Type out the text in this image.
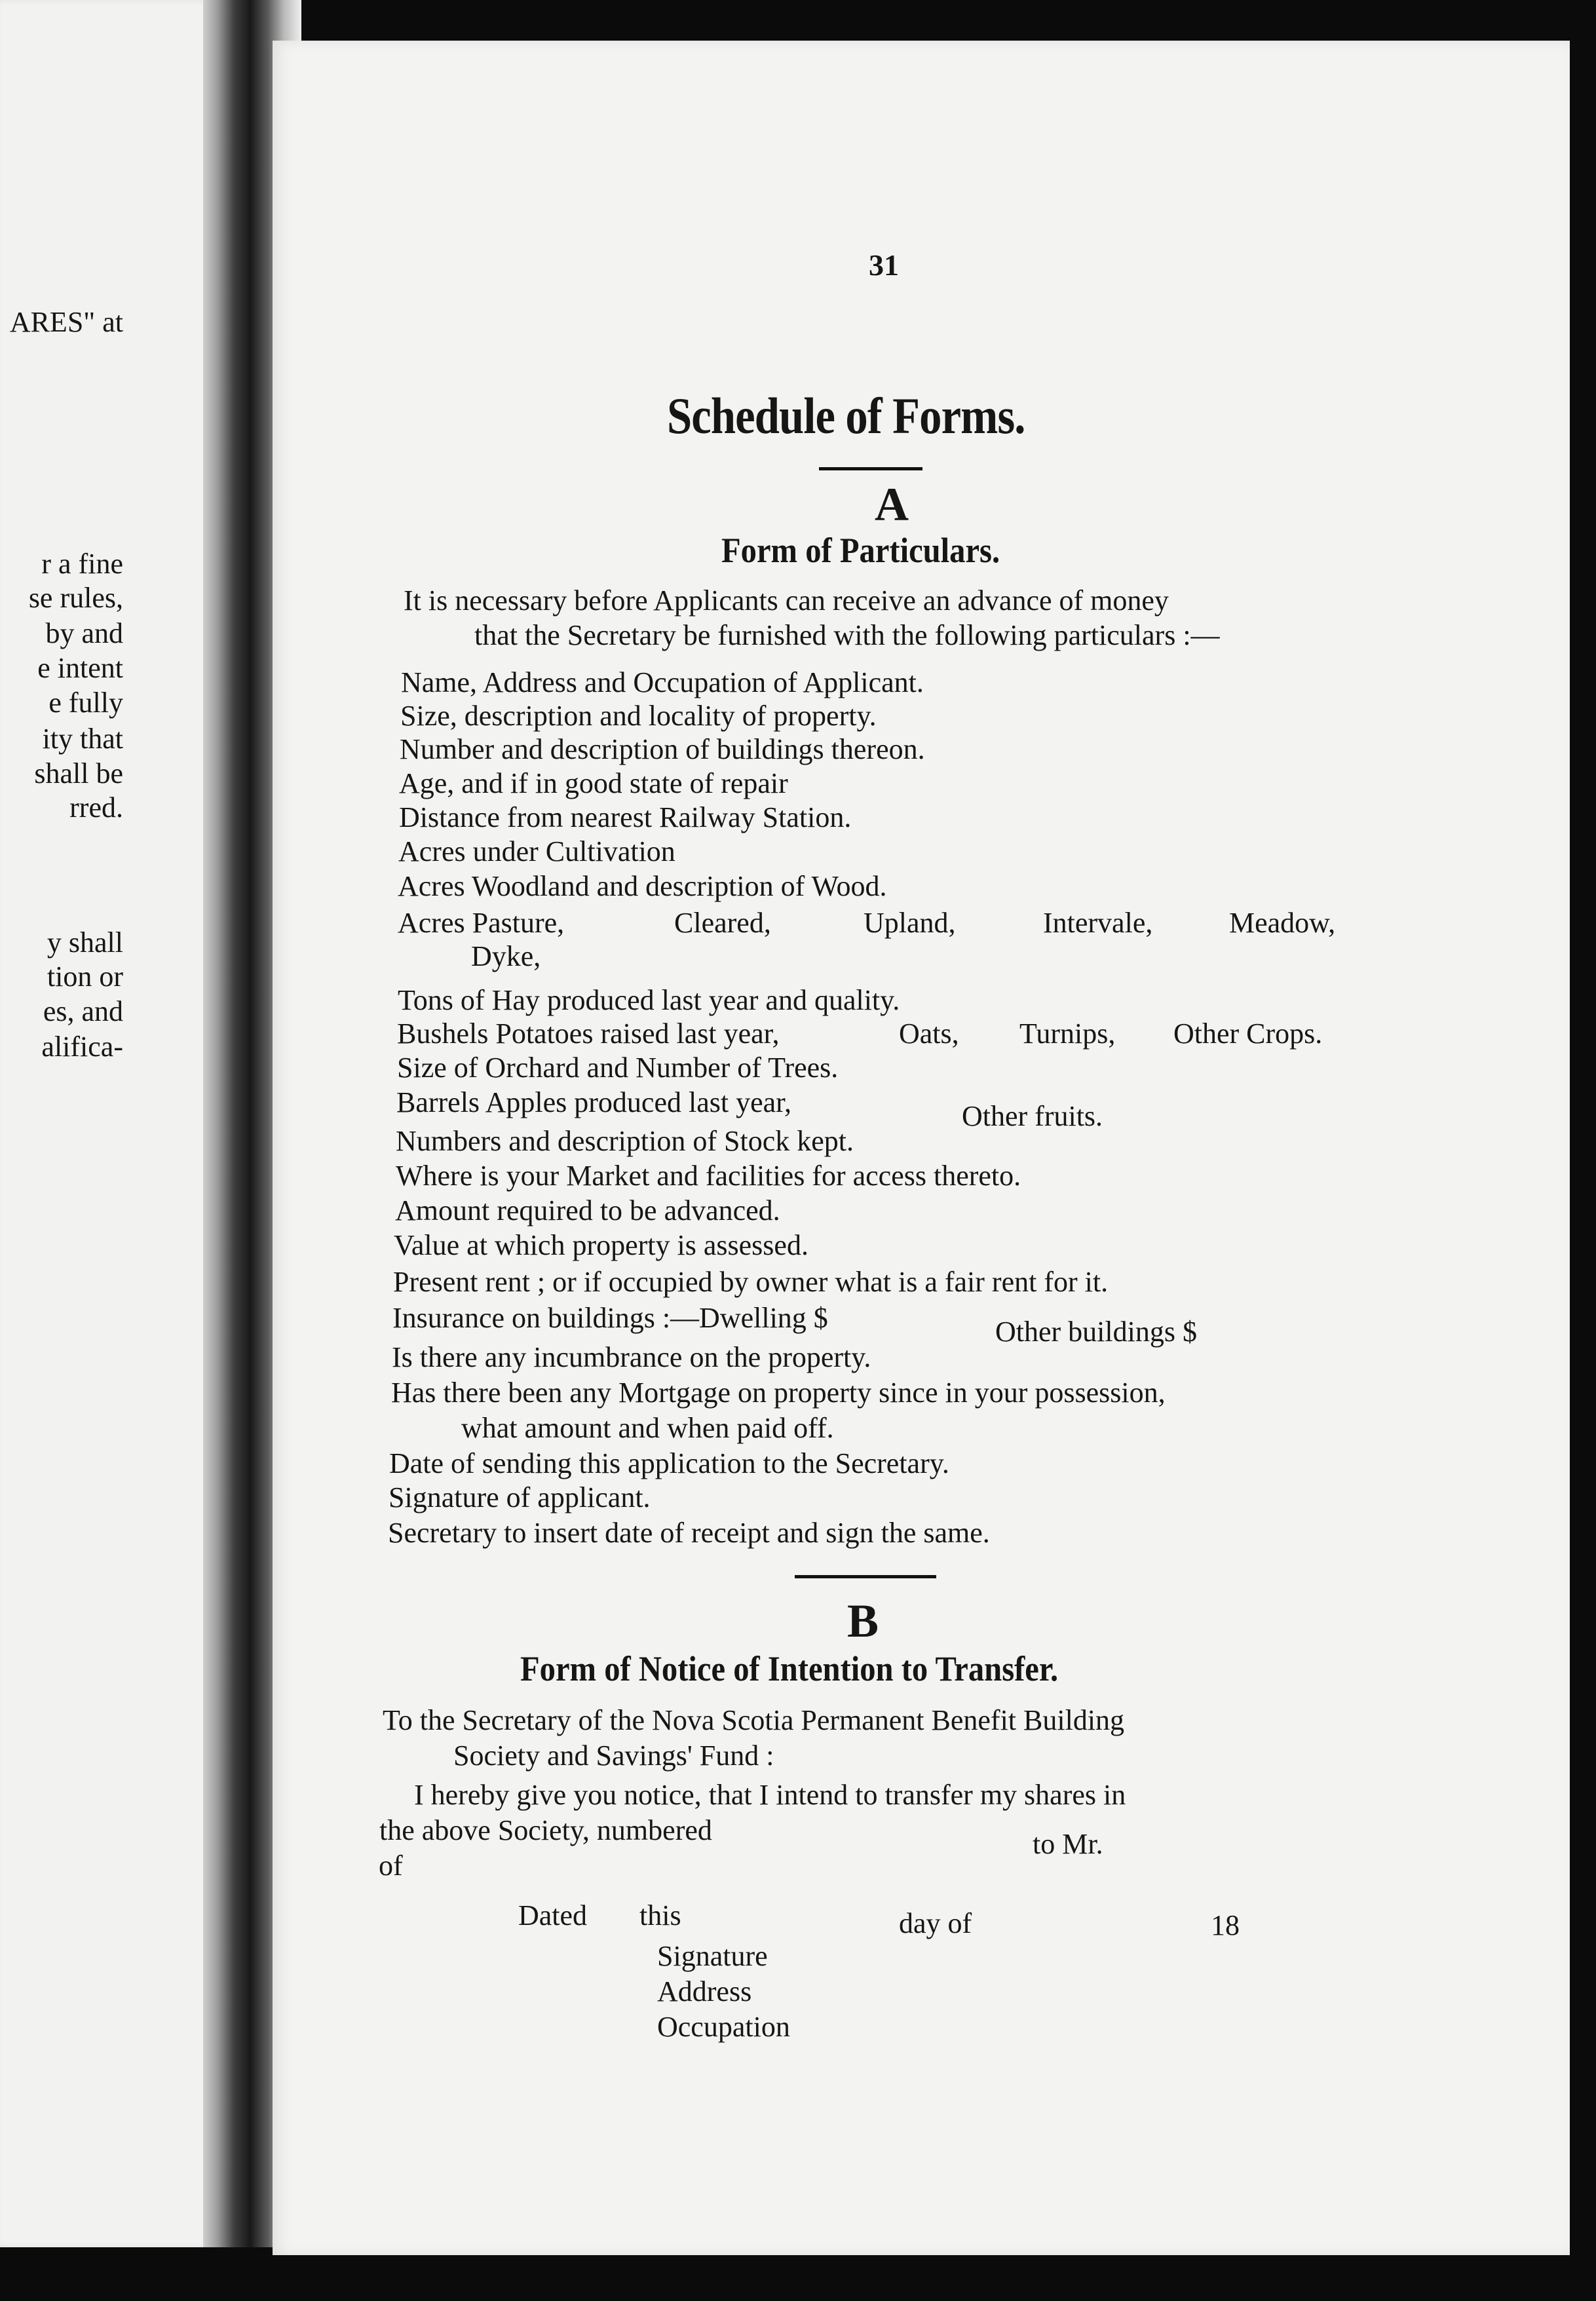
ARES" at
r a fine
se rules,
by and
e intent
e fully
ity that
shall be
rred.
y shall
tion or
es, and
alifica-
31
Schedule of Forms.
A
Form of Particulars.
It is necessary before Applicants can receive an advance of money
that the Secretary be furnished with the following particulars :—
Name, Address and Occupation of Applicant.
Size, description and locality of property.
Number and description of buildings thereon.
Age, and if in good state of repair
Distance from nearest Railway Station.
Acres under Cultivation
Acres Woodland and description of Wood.
Acres Pasture,	Cleared,	Upland,	Intervale,	Meadow,
Dyke,
Tons of Hay produced last year and quality.
Bushels Potatoes raised last year,	Oats, Turnips, Other Crops.
Size of Orchard and Number of Trees.
Barrels Apples produced last year,	Other fruits.
Numbers and description of Stock kept.
Where is your Market and facilities for access thereto.
Amount required to be advanced.
Value at which property is assessed.
Present rent ; or if occupied by owner what is a fair rent for it.
Insurance on buildings :—Dwelling $	Other buildings $
Is there any incumbrance on the property.
Has there been any Mortgage on property since in your possession,
what amount and when paid off.
Date of sending this application to the Secretary.
Signature of applicant.
Secretary to insert date of receipt and sign the same.
B
Form of Notice of Intention to Transfer.
To the Secretary of the Nova Scotia Permanent Benefit Building
Society and Savings' Fund :
I hereby give you notice, that I intend to transfer my shares in
the above Society, numbered	to Mr.
of
Dated this	day of	18
Signature
Address
Occupation
